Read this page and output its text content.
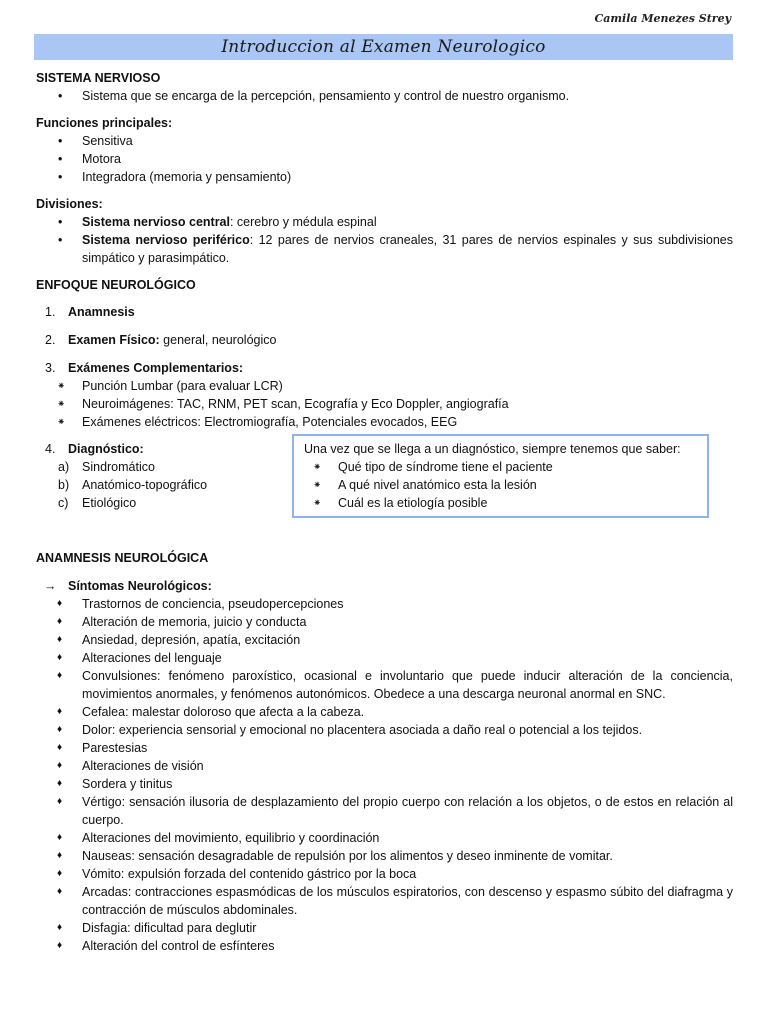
Camila Menezes Strey
Introduccion al Examen Neurologico

SISTEMA NERVIOSO

• Sistema que se encarga de la percepción, pensamiento y control de nuestro organismo.

Funciones principales:

• Sensitiva
• Motora
• Integradora (memoria y pensamiento)

Divisiones:

• Sistema nervioso central: cerebro y médula espinal
• Sistema nervioso periférico: 12 pares de nervios craneales, 31 pares de nervios espinales y sus subdivisiones simpático y parasimpático.

ENFOQUE NEUROLÓGICO

1. Anamnesis

2. Examen Físico: general, neurológico

3. Exámenes Complementarios:

⁕ Punción Lumbar (para evaluar LCR)
⁕ Neuroimágenes: TAC, RNM, PET scan, Ecografía y Eco Doppler, angiografía
⁕ Exámenes eléctricos: Electromiografía, Potenciales evocados, EEG

4. Diagnóstico:

a) Sindromático
b) Anatómico-topográfico
c) Etiológico

ANAMNESIS NEUROLÓGICA

→ Síntomas Neurológicos:
♦ Trastornos de conciencia, pseudopercepciones
♦ Alteración de memoria, juicio y conducta
♦ Ansiedad, depresión, apatía, excitación
♦ Alteraciones del lenguaje
♦ Convulsiones: fenómeno paroxístico, ocasional e involuntario que puede inducir alteración de la conciencia, movimientos anormales, y fenómenos autonómicos. Obedece a una descarga neuronal anormal en SNC.
♦ Cefalea: malestar doloroso que afecta a la cabeza.
♦ Dolor: experiencia sensorial y emocional no placentera asociada a daño real o potencial a los tejidos.
♦ Parestesias
♦ Alteraciones de visión
♦ Sordera y tinitus
♦ Vértigo: sensación ilusoria de desplazamiento del propio cuerpo con relación a los objetos, o de estos en relación al cuerpo.
♦ Alteraciones del movimiento, equilibrio y coordinación
♦ Nauseas: sensación desagradable de repulsión por los alimentos y deseo inminente de vomitar.
♦ Vómito: expulsión forzada del contenido gástrico por la boca
♦ Arcadas: contracciones espasmódicas de los músculos espiratorios, con descenso y espasmo súbito del diafragma y contracción de músculos abdominales.
♦ Disfagia: dificultad para deglutir
♦ Alteración del control de esfínteres
Una vez que se llega a un diagnóstico, siempre tenemos que saber:
⁕ Qué tipo de síndrome tiene el paciente
⁕ A qué nivel anatómico esta la lesión
⁕ Cuál es la etiología posible
